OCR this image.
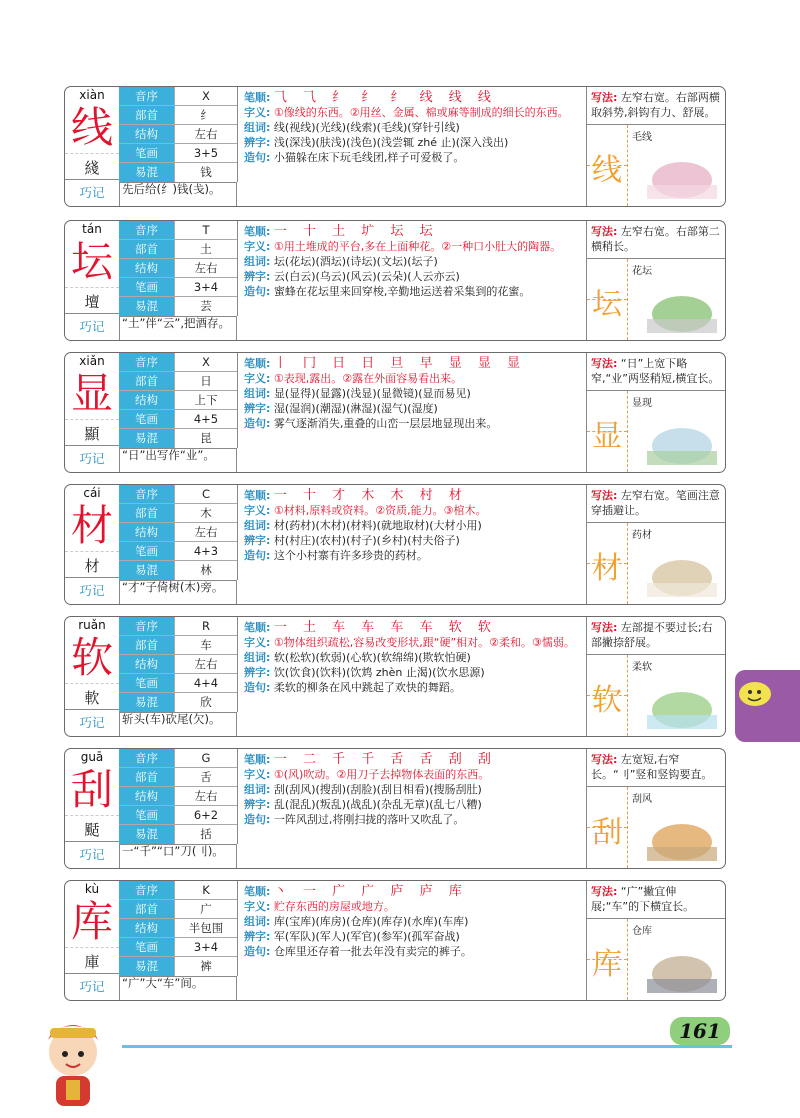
xiàn
线
綫
巧记
音序	X
部首	纟
结构	左右
笔画	3+5
易混	钱
先后给(纟)钱(戋)。

笔顺: ⺄ ⺄ 纟 纟 纟 线 线 线

字义: ①像线的东西。②用丝、金属、棉或麻等制成的细长的东西。

组词: 线(视线)(光线)(线索)(毛线)(穿针引线)

辨字: 浅(深浅)(肤浅)(浅色)(浅尝辄 zhé 止)(深入浅出)

造句: 小猫躲在床下玩毛线团,样子可爱极了。

写法: 左窄右宽。右部两横取斜势,斜钩有力、舒展。
线
毛线
tán
坛
壇
巧记
音序	T
部首	土
结构	左右
笔画	3+4
易混	芸
“土”伴“云”,把酒存。

笔顺: 一 十 土 圹 坛 坛

字义: ①用土堆成的平台,多在上面种花。②一种口小肚大的陶器。

组词: 坛(花坛)(酒坛)(诗坛)(文坛)(坛子)

辨字: 云(白云)(乌云)(风云)(云朵)(人云亦云)

造句: 蜜蜂在花坛里来回穿梭,辛勤地运送着采集到的花蜜。

写法: 左窄右宽。右部第二横稍长。
坛
花坛
xiǎn
显
顯
巧记
音序	X
部首	日
结构	上下
笔画	4+5
易混	昆
“日”出写作“业”。

笔顺: 丨 冂 日 日 旦 早 显 显 显

字义: ①表现,露出。②露在外面容易看出来。

组词: 显(显得)(显露)(浅显)(显微镜)(显而易见)

辨字: 湿(湿润)(潮湿)(淋湿)(湿气)(湿度)

造句: 雾气逐渐消失,重叠的山峦一层层地显现出来。

写法: “日”上宽下略窄,“业”两竖稍短,横宜长。
显
显现
cái
材
材
巧记
音序	C
部首	木
结构	左右
笔画	4+3
易混	林
“才”子倚树(木)旁。

笔顺: 一 十 才 木 木 村 材

字义: ①材料,原料或资料。②资质,能力。③棺木。

组词: 材(药材)(木材)(材料)(就地取材)(大材小用)

辨字: 村(村庄)(农村)(村子)(乡村)(村夫俗子)

造句: 这个小村寨有许多珍贵的药材。

写法: 左窄右宽。笔画注意穿插避让。
材
药材
ruǎn
软
軟
巧记
音序	R
部首	车
结构	左右
笔画	4+4
易混	欣
斩头(车)砍尾(欠)。

笔顺: 一 土 车 车 车 车 软 软

字义: ①物体组织疏松,容易改变形状,跟“硬”相对。②柔和。③懦弱。

组词: 软(松软)(软弱)(心软)(软绵绵)(欺软怕硬)

辨字: 饮(饮食)(饮料)(饮鸩 zhèn 止渴)(饮水思源)

造句: 柔软的柳条在风中跳起了欢快的舞蹈。

写法: 左部提不要过长;右部撇捺舒展。
软
柔软
guā
刮
颳
巧记
音序	G
部首	舌
结构	左右
笔画	6+2
易混	括
一“千”“口”刀(刂)。

笔顺: 一 二 千 千 舌 舌 刮 刮

字义: ①(风)吹动。②用刀子去掉物体表面的东西。

组词: 刮(刮风)(搜刮)(刮脸)(刮目相看)(搜肠刮肚)

辨字: 乱(混乱)(叛乱)(战乱)(杂乱无章)(乱七八糟)

造句: 一阵风刮过,将刚扫拢的落叶又吹乱了。

写法: 左宽短,右窄长。“刂”竖和竖钩要直。
刮
刮风
kù
库
庫
巧记
音序	K
部首	广
结构	半包围
笔画	3+4
易混	裤
“广”大“车”间。

笔顺: 丶 一 广 广 庐 庐 库

字义: 贮存东西的房屋或地方。

组词: 库(宝库)(库房)(仓库)(库存)(水库)(车库)

辨字: 军(军队)(军人)(军官)(参军)(孤军奋战)

造句: 仓库里还存着一批去年没有卖完的裤子。

写法: “广”撇宜伸展;“车”的下横宜长。
库
仓库
161
